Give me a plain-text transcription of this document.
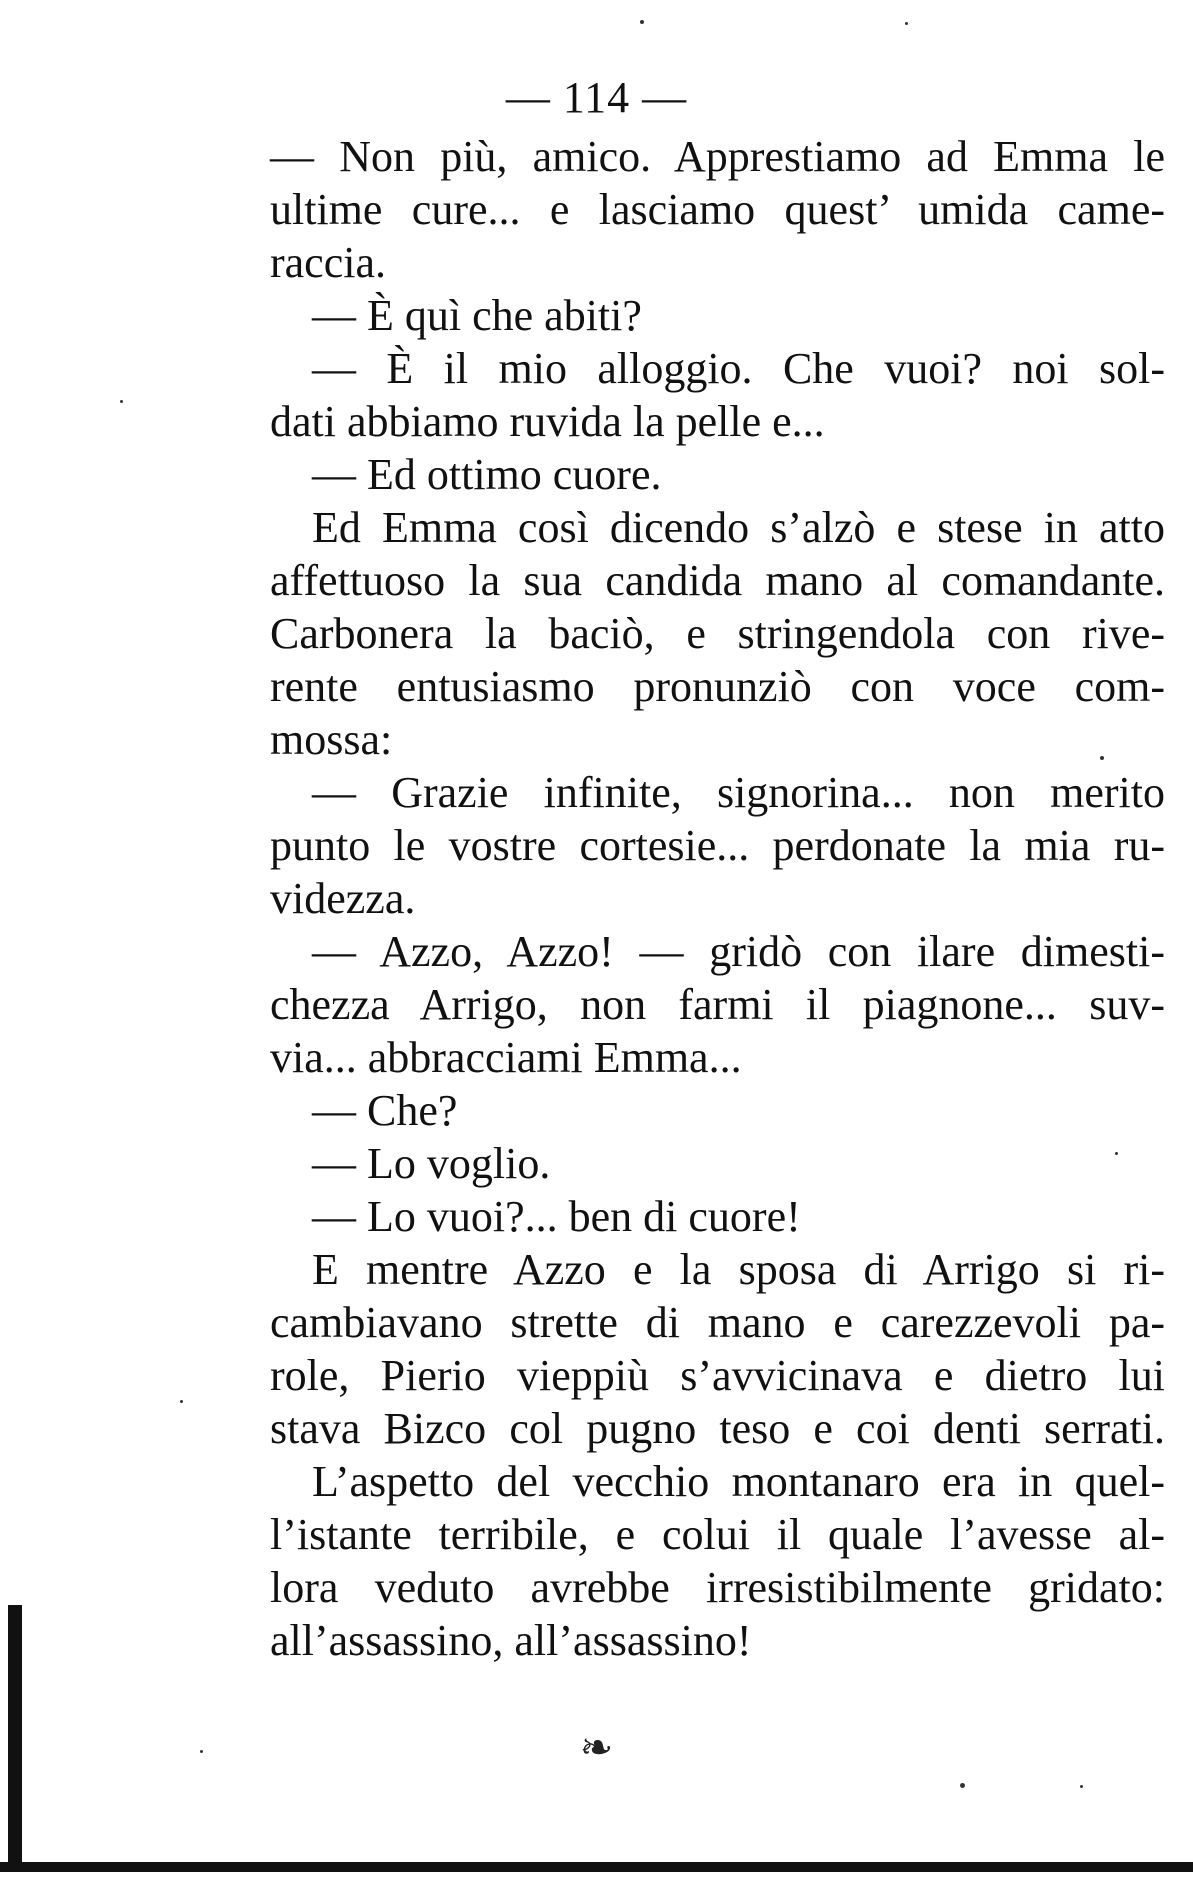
— 114 —
— Non più, amico. Apprestiamo ad Emma le
ultime cure... e lasciamo quest’ umida came-
raccia.
— È quì che abiti?
— È il mio alloggio. Che vuoi? noi sol-
dati abbiamo ruvida la pelle e...
— Ed ottimo cuore.
Ed Emma così dicendo s’alzò e stese in atto
affettuoso la sua candida mano al comandante.
Carbonera la baciò, e stringendola con rive-
rente entusiasmo pronunziò con voce com-
mossa:
— Grazie infinite, signorina... non merito
punto le vostre cortesie... perdonate la mia ru-
videzza.
— Azzo, Azzo! — gridò con ilare dimesti-
chezza Arrigo, non farmi il piagnone... suv-
via... abbracciami Emma...
— Che?
— Lo voglio.
— Lo vuoi?... ben di cuore!
E mentre Azzo e la sposa di Arrigo si ri-
cambiavano strette di mano e carezzevoli pa-
role, Pierio vieppiù s’avvicinava e dietro lui
stava Bizco col pugno teso e coi denti serrati.
L’aspetto del vecchio montanaro era in quel-
l’istante terribile, e colui il quale l’avesse al-
lora veduto avrebbe irresistibilmente gridato:
all’assassino, all’assassino!
❧
